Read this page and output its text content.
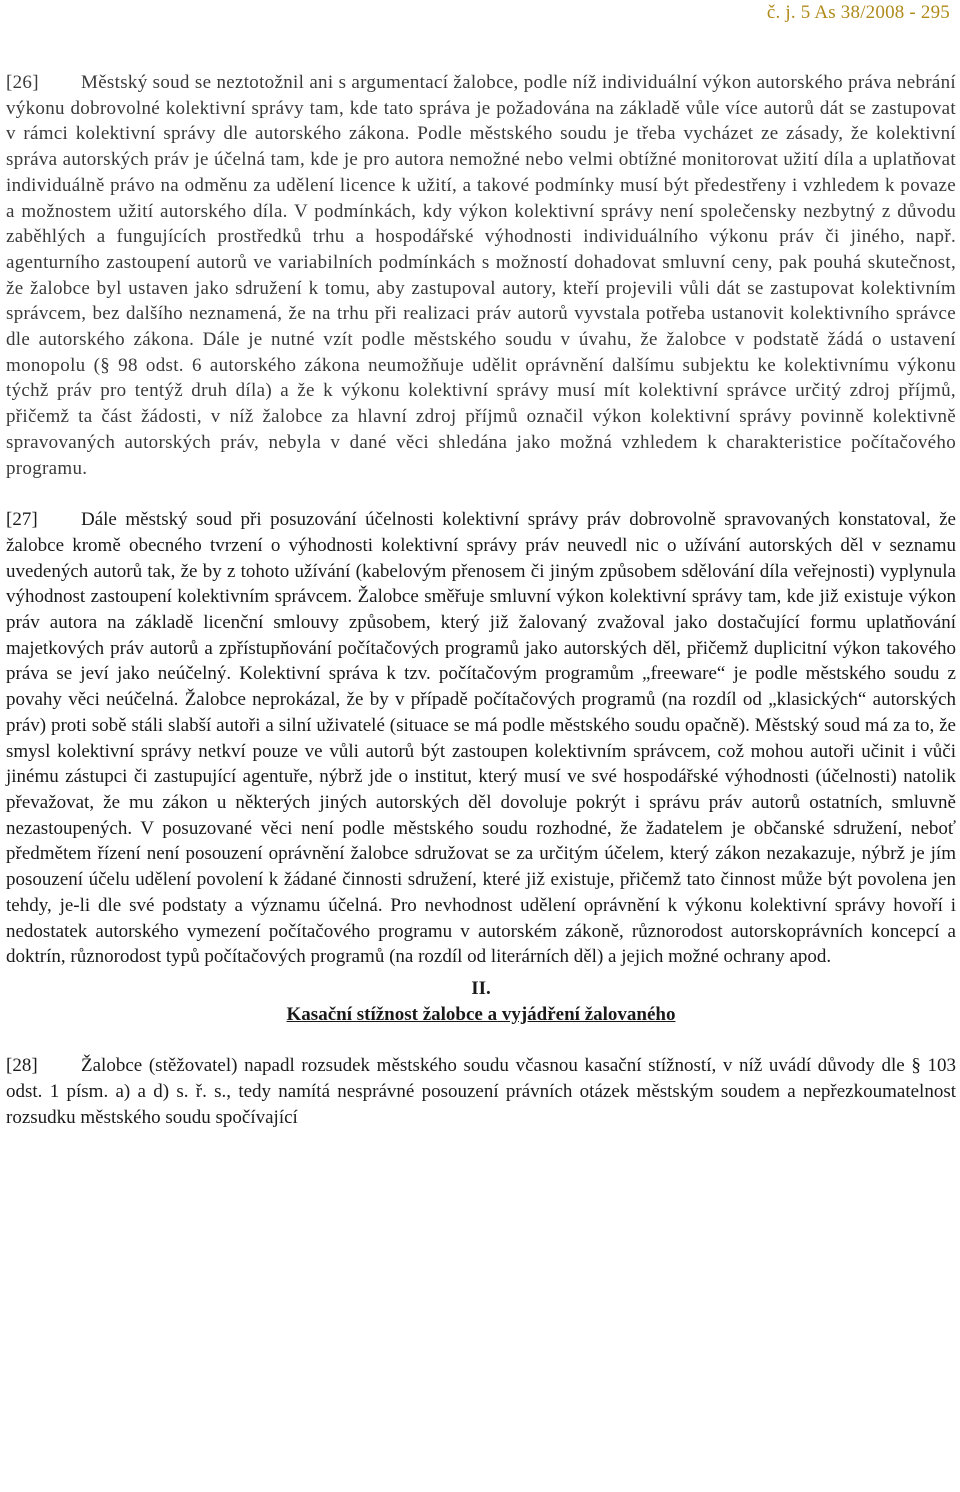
č. j. 5 As 38/2008 - 295

[26] Městský soud se neztotožnil ani s argumentací žalobce, podle níž individuální výkon autorského práva nebrání výkonu dobrovolné kolektivní správy tam, kde tato správa je požadována na základě vůle více autorů dát se zastupovat v rámci kolektivní správy dle autorského zákona. Podle městského soudu je třeba vycházet ze zásady, že kolektivní správa autorských práv je účelná tam, kde je pro autora nemožné nebo velmi obtížné monitorovat užití díla a uplatňovat individuálně právo na odměnu za udělení licence k užití, a takové podmínky musí být předestřeny i vzhledem k povaze a možnostem užití autorského díla. V podmínkách, kdy výkon kolektivní správy není společensky nezbytný z důvodu zaběhlých a fungujících prostředků trhu a hospodářské výhodnosti individuálního výkonu práv či jiného, např. agenturního zastoupení autorů ve variabilních podmínkách s možností dohadovat smluvní ceny, pak pouhá skutečnost, že žalobce byl ustaven jako sdružení k tomu, aby zastupoval autory, kteří projevili vůli dát se zastupovat kolektivním správcem, bez dalšího neznamená, že na trhu při realizaci práv autorů vyvstala potřeba ustanovit kolektivního správce dle autorského zákona. Dále je nutné vzít podle městského soudu v úvahu, že žalobce v podstatě žádá o ustavení monopolu (§ 98 odst. 6 autorského zákona neumožňuje udělit oprávnění dalšímu subjektu ke kolektivnímu výkonu týchž práv pro tentýž druh díla) a že k výkonu kolektivní správy musí mít kolektivní správce určitý zdroj příjmů, přičemž ta část žádosti, v níž žalobce za hlavní zdroj příjmů označil výkon kolektivní správy povinně kolektivně spravovaných autorských práv, nebyla v dané věci shledána jako možná vzhledem k charakteristice počítačového programu.

[27] Dále městský soud při posuzování účelnosti kolektivní správy práv dobrovolně spravovaných konstatoval, že žalobce kromě obecného tvrzení o výhodnosti kolektivní správy práv neuvedl nic o užívání autorských děl v seznamu uvedených autorů tak, že by z tohoto užívání (kabelovým přenosem či jiným způsobem sdělování díla veřejnosti) vyplynula výhodnost zastoupení kolektivním správcem. Žalobce směřuje smluvní výkon kolektivní správy tam, kde již existuje výkon práv autora na základě licenční smlouvy způsobem, který již žalovaný zvažoval jako dostačující formu uplatňování majetkových práv autorů a zpřístupňování počítačových programů jako autorských děl, přičemž duplicitní výkon takového práva se jeví jako neúčelný. Kolektivní správa k tzv. počítačovým programům „freeware“ je podle městského soudu z povahy věci neúčelná. Žalobce neprokázal, že by v případě počítačových programů (na rozdíl od „klasických“ autorských práv) proti sobě stáli slabší autoři a silní uživatelé (situace se má podle městského soudu opačně). Městský soud má za to, že smysl kolektivní správy netkví pouze ve vůli autorů být zastoupen kolektivním správcem, což mohou autoři učinit i vůči jinému zástupci či zastupující agentuře, nýbrž jde o institut, který musí ve své hospodářské výhodnosti (účelnosti) natolik převažovat, že mu zákon u některých jiných autorských děl dovoluje pokrýt i správu práv autorů ostatních, smluvně nezastoupených. V posuzované věci není podle městského soudu rozhodné, že žadatelem je občanské sdružení, neboť předmětem řízení není posouzení oprávnění žalobce sdružovat se za určitým účelem, který zákon nezakazuje, nýbrž je jím posouzení účelu udělení povolení k žádané činnosti sdružení, které již existuje, přičemž tato činnost může být povolena jen tehdy, je-li dle své podstaty a významu účelná. Pro nevhodnost udělení oprávnění k výkonu kolektivní správy hovoří i nedostatek autorského vymezení počítačového programu v autorském zákoně, různorodost autorskoprávních koncepcí a doktrín, různorodost typů počítačových programů (na rozdíl od literárních děl) a jejich možné ochrany apod.

II.
Kasační stížnost žalobce a vyjádření žalovaného

[28] Žalobce (stěžovatel) napadl rozsudek městského soudu včasnou kasační stížností, v níž uvádí důvody dle § 103 odst. 1 písm. a) a d) s. ř. s., tedy namítá nesprávné posouzení právních otázek městským soudem a nepřezkoumatelnost rozsudku městského soudu spočívající
